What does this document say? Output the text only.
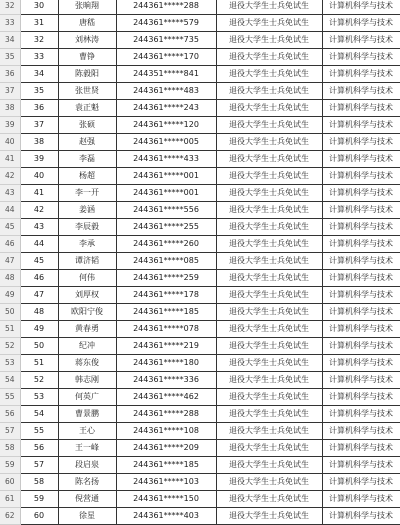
32	30	张晌翔	244361*****288	退役大学生士兵免试生	计算机科学与技术
33	31	唐嵇	244361*****579	退役大学生士兵免试生	计算机科学与技术
34	32	刘林涛	244361*****735	退役大学生士兵免试生	计算机科学与技术
35	33	曹铮	244361*****170	退役大学生士兵免试生	计算机科学与技术
36	34	陈毅阳	244351*****841	退役大学生士兵免试生	计算机科学与技术
37	35	张世贤	244361*****483	退役大学生士兵免试生	计算机科学与技术
38	36	袁正魁	244361*****243	退役大学生士兵免试生	计算机科学与技术
39	37	张硕	244361*****120	退役大学生士兵免试生	计算机科学与技术
40	38	赵强	244361*****005	退役大学生士兵免试生	计算机科学与技术
41	39	李磊	244361*****433	退役大学生士兵免试生	计算机科学与技术
42	40	杨超	244361*****001	退役大学生士兵免试生	计算机科学与技术
43	41	李一开	244361*****001	退役大学生士兵免试生	计算机科学与技术
44	42	姜涵	244361*****556	退役大学生士兵免试生	计算机科学与技术
45	43	李辰毅	244361*****255	退役大学生士兵免试生	计算机科学与技术
46	44	李承	244361*****260	退役大学生士兵免试生	计算机科学与技术
47	45	谭济韬	244361*****085	退役大学生士兵免试生	计算机科学与技术
48	46	何伟	244361*****259	退役大学生士兵免试生	计算机科学与技术
49	47	刘厚权	244361*****178	退役大学生士兵免试生	计算机科学与技术
50	48	欧阳宁俊	244361*****185	退役大学生士兵免试生	计算机科学与技术
51	49	黄春勇	244361*****078	退役大学生士兵免试生	计算机科学与技术
52	50	纪冲	244361*****219	退役大学生士兵免试生	计算机科学与技术
53	51	蒋东俊	244361*****180	退役大学生士兵免试生	计算机科学与技术
54	52	韩志刚	244361*****336	退役大学生士兵免试生	计算机科学与技术
55	53	何英广	244361*****462	退役大学生士兵免试生	计算机科学与技术
56	54	曹景鹏	244361*****288	退役大学生士兵免试生	计算机科学与技术
57	55	王心	244361*****108	退役大学生士兵免试生	计算机科学与技术
58	56	王一峰	244361*****209	退役大学生士兵免试生	计算机科学与技术
59	57	段启泉	244361*****185	退役大学生士兵免试生	计算机科学与技术
60	58	陈名扬	244361*****103	退役大学生士兵免试生	计算机科学与技术
61	59	倪营通	244361*****150	退役大学生士兵免试生	计算机科学与技术
62	60	徐星	244361*****403	退役大学生士兵免试生	计算机科学与技术
